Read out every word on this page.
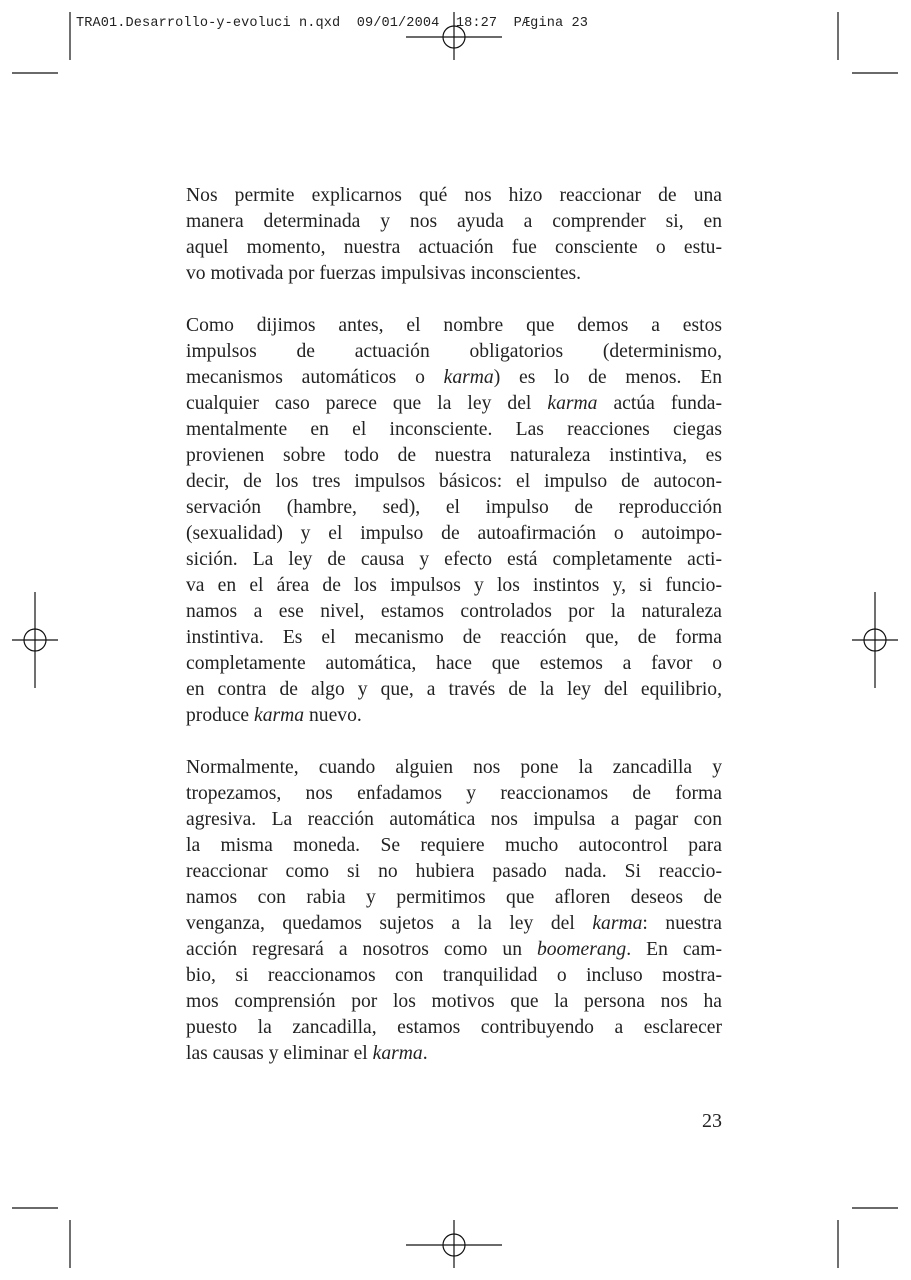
TRA01.Desarrollo-y-evoluci n.qxd 09/01/2004 18:27 PÆgina 23
Nos permite explicarnos qué nos hizo reaccionar de una
manera determinada y nos ayuda a comprender si, en
aquel momento, nuestra actuación fue consciente o estu-
vo motivada por fuerzas impulsivas inconscientes.
Como dijimos antes, el nombre que demos a estos
impulsos de actuación obligatorios (determinismo,
mecanismos automáticos o karma) es lo de menos. En
cualquier caso parece que la ley del karma actúa funda-
mentalmente en el inconsciente. Las reacciones ciegas
provienen sobre todo de nuestra naturaleza instintiva, es
decir, de los tres impulsos básicos: el impulso de autocon-
servación (hambre, sed), el impulso de reproducción
(sexualidad) y el impulso de autoafirmación o autoimpo-
sición. La ley de causa y efecto está completamente acti-
va en el área de los impulsos y los instintos y, si funcio-
namos a ese nivel, estamos controlados por la naturaleza
instintiva. Es el mecanismo de reacción que, de forma
completamente automática, hace que estemos a favor o
en contra de algo y que, a través de la ley del equilibrio,
produce karma nuevo.
Normalmente, cuando alguien nos pone la zancadilla y
tropezamos, nos enfadamos y reaccionamos de forma
agresiva. La reacción automática nos impulsa a pagar con
la misma moneda. Se requiere mucho autocontrol para
reaccionar como si no hubiera pasado nada. Si reaccio-
namos con rabia y permitimos que afloren deseos de
venganza, quedamos sujetos a la ley del karma: nuestra
acción regresará a nosotros como un boomerang. En cam-
bio, si reaccionamos con tranquilidad o incluso mostra-
mos comprensión por los motivos que la persona nos ha
puesto la zancadilla, estamos contribuyendo a esclarecer
las causas y eliminar el karma.
23
